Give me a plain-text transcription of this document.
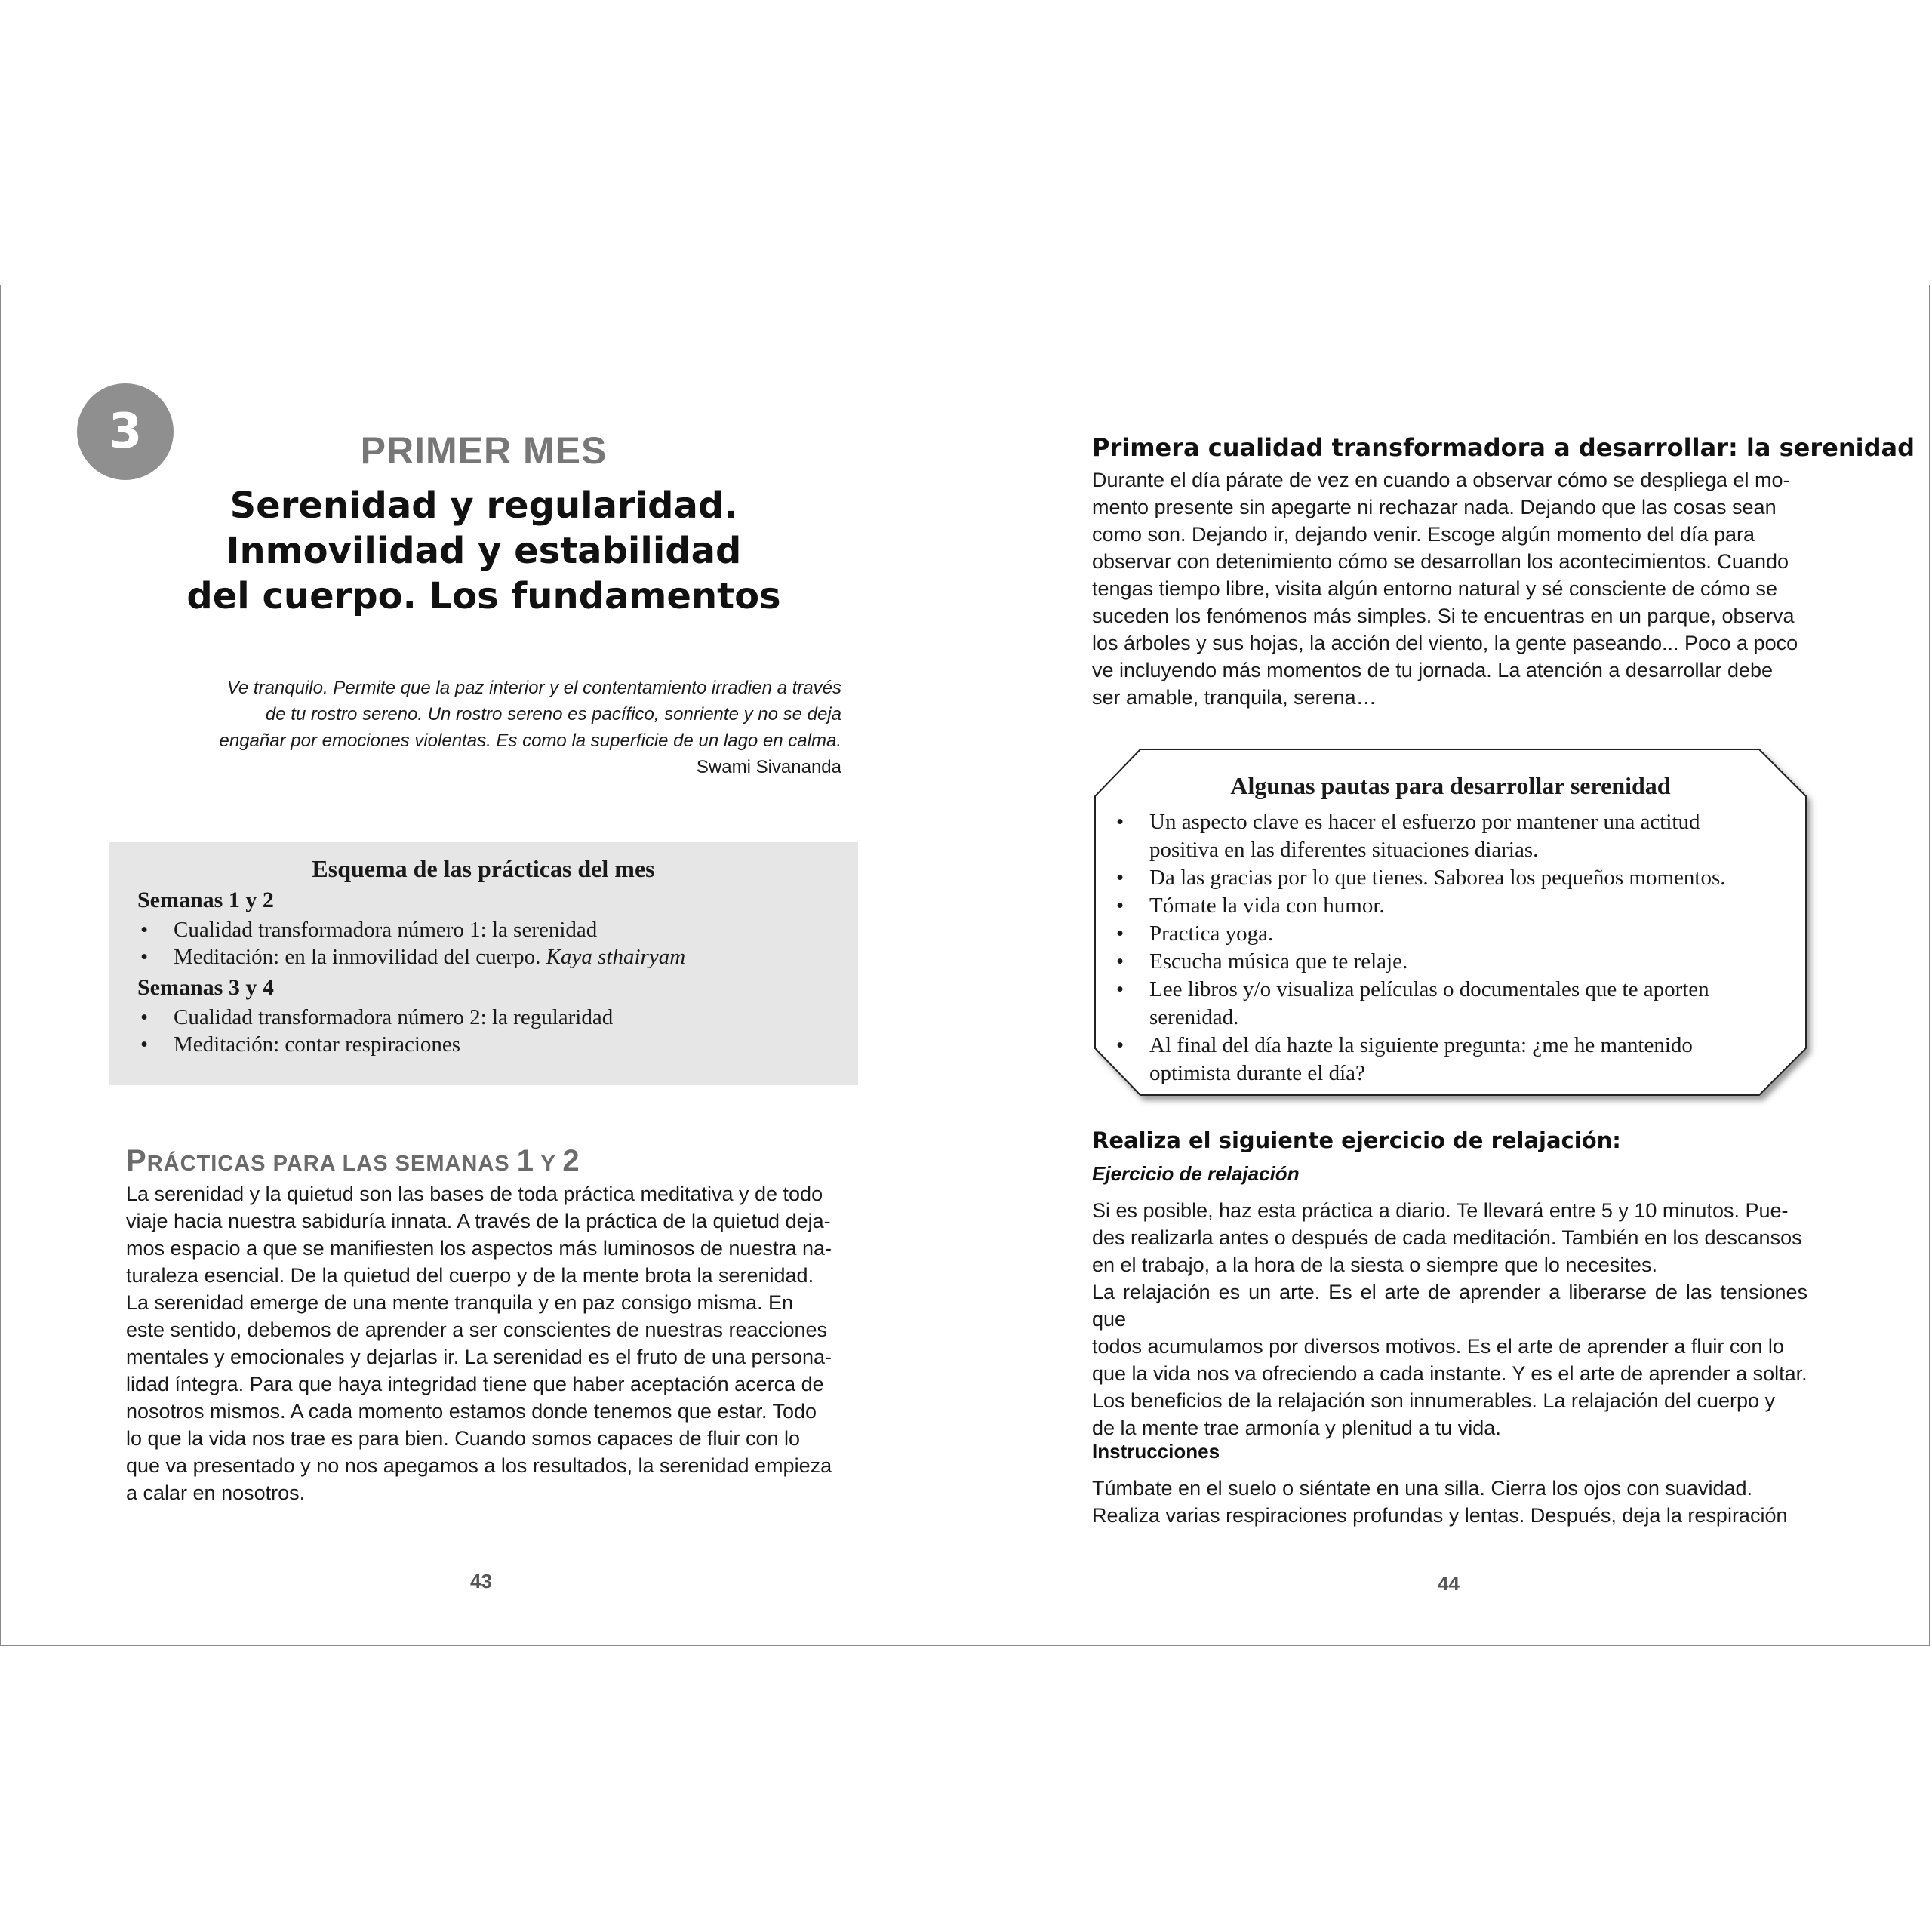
3	PRIMER MES
Serenidad y regularidad.
Inmovilidad y estabilidad
del cuerpo. Los fundamentos
Ve tranquilo. Permite que la paz interior y el contentamiento irradien a través
de tu rostro sereno. Un rostro sereno es pacífico, sonriente y no se deja
engañar por emociones violentas. Es como la superficie de un lago en calma.
Swami Sivananda
Esquema de las prácticas del mes
Semanas 1 y 2
• Cualidad transformadora número 1: la serenidad
• Meditación: en la inmovilidad del cuerpo. Kaya sthairyam
Semanas 3 y 4
• Cualidad transformadora número 2: la regularidad
• Meditación: contar respiraciones
PRÁCTICAS PARA LAS SEMANAS 1 Y 2
La serenidad y la quietud son las bases de toda práctica meditativa y de todo
viaje hacia nuestra sabiduría innata. A través de la práctica de la quietud deja-
mos espacio a que se manifiesten los aspectos más luminosos de nuestra na-
turaleza esencial. De la quietud del cuerpo y de la mente brota la serenidad.
La serenidad emerge de una mente tranquila y en paz consigo misma. En
este sentido, debemos de aprender a ser conscientes de nuestras reacciones
mentales y emocionales y dejarlas ir. La serenidad es el fruto de una persona-
lidad íntegra. Para que haya integridad tiene que haber aceptación acerca de
nosotros mismos. A cada momento estamos donde tenemos que estar. Todo
lo que la vida nos trae es para bien. Cuando somos capaces de fluir con lo
que va presentado y no nos apegamos a los resultados, la serenidad empieza
a calar en nosotros.
43
Primera cualidad transformadora a desarrollar: la serenidad
Durante el día párate de vez en cuando a observar cómo se despliega el mo-
mento presente sin apegarte ni rechazar nada. Dejando que las cosas sean
como son. Dejando ir, dejando venir. Escoge algún momento del día para
observar con detenimiento cómo se desarrollan los acontecimientos. Cuando
tengas tiempo libre, visita algún entorno natural y sé consciente de cómo se
suceden los fenómenos más simples. Si te encuentras en un parque, observa
los árboles y sus hojas, la acción del viento, la gente paseando... Poco a poco
ve incluyendo más momentos de tu jornada. La atención a desarrollar debe
ser amable, tranquila, serena…
Algunas pautas para desarrollar serenidad
• Un aspecto clave es hacer el esfuerzo por mantener una actitud positiva en las diferentes situaciones diarias.
• Da las gracias por lo que tienes. Saborea los pequeños momentos.
• Tómate la vida con humor.
• Practica yoga.
• Escucha música que te relaje.
• Lee libros y/o visualiza películas o documentales que te aporten serenidad.
• Al final del día hazte la siguiente pregunta: ¿me he mantenido optimista durante el día?
Realiza el siguiente ejercicio de relajación:
Ejercicio de relajación
Si es posible, haz esta práctica a diario. Te llevará entre 5 y 10 minutos. Pue-
des realizarla antes o después de cada meditación. También en los descansos
en el trabajo, a la hora de la siesta o siempre que lo necesites.
La relajación es un arte. Es el arte de aprender a liberarse de las tensiones que
todos acumulamos por diversos motivos. Es el arte de aprender a fluir con lo
que la vida nos va ofreciendo a cada instante. Y es el arte de aprender a soltar.
Los beneficios de la relajación son innumerables. La relajación del cuerpo y
de la mente trae armonía y plenitud a tu vida.
Instrucciones
Túmbate en el suelo o siéntate en una silla. Cierra los ojos con suavidad.
Realiza varias respiraciones profundas y lentas. Después, deja la respiración
44
